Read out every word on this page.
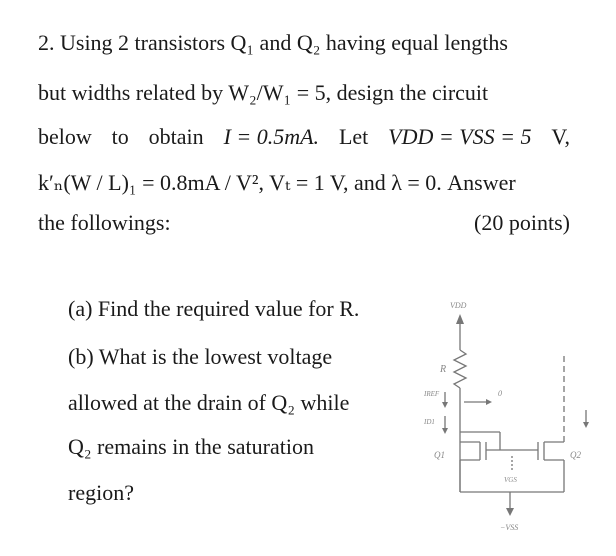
2. Using 2 transistors Q₁ and Q₂ having equal lengths
but widths related by W₂/W₁ = 5, design the circuit
below to obtain I = 0.5mA. Let VDD = VSS = 5 V,
k′ₙ(W / L)₁ = 0.8mA / V², Vₜ = 1 V, and λ = 0. Answer
the followings:	(20 points)
(a) Find the required value for R.
(b) What is the lowest voltage
allowed at the drain of Q₂ while
Q₂ remains in the saturation
region?
VDD
R
IREF	0
ID1
Q1	Q2
VGS
−VSS
